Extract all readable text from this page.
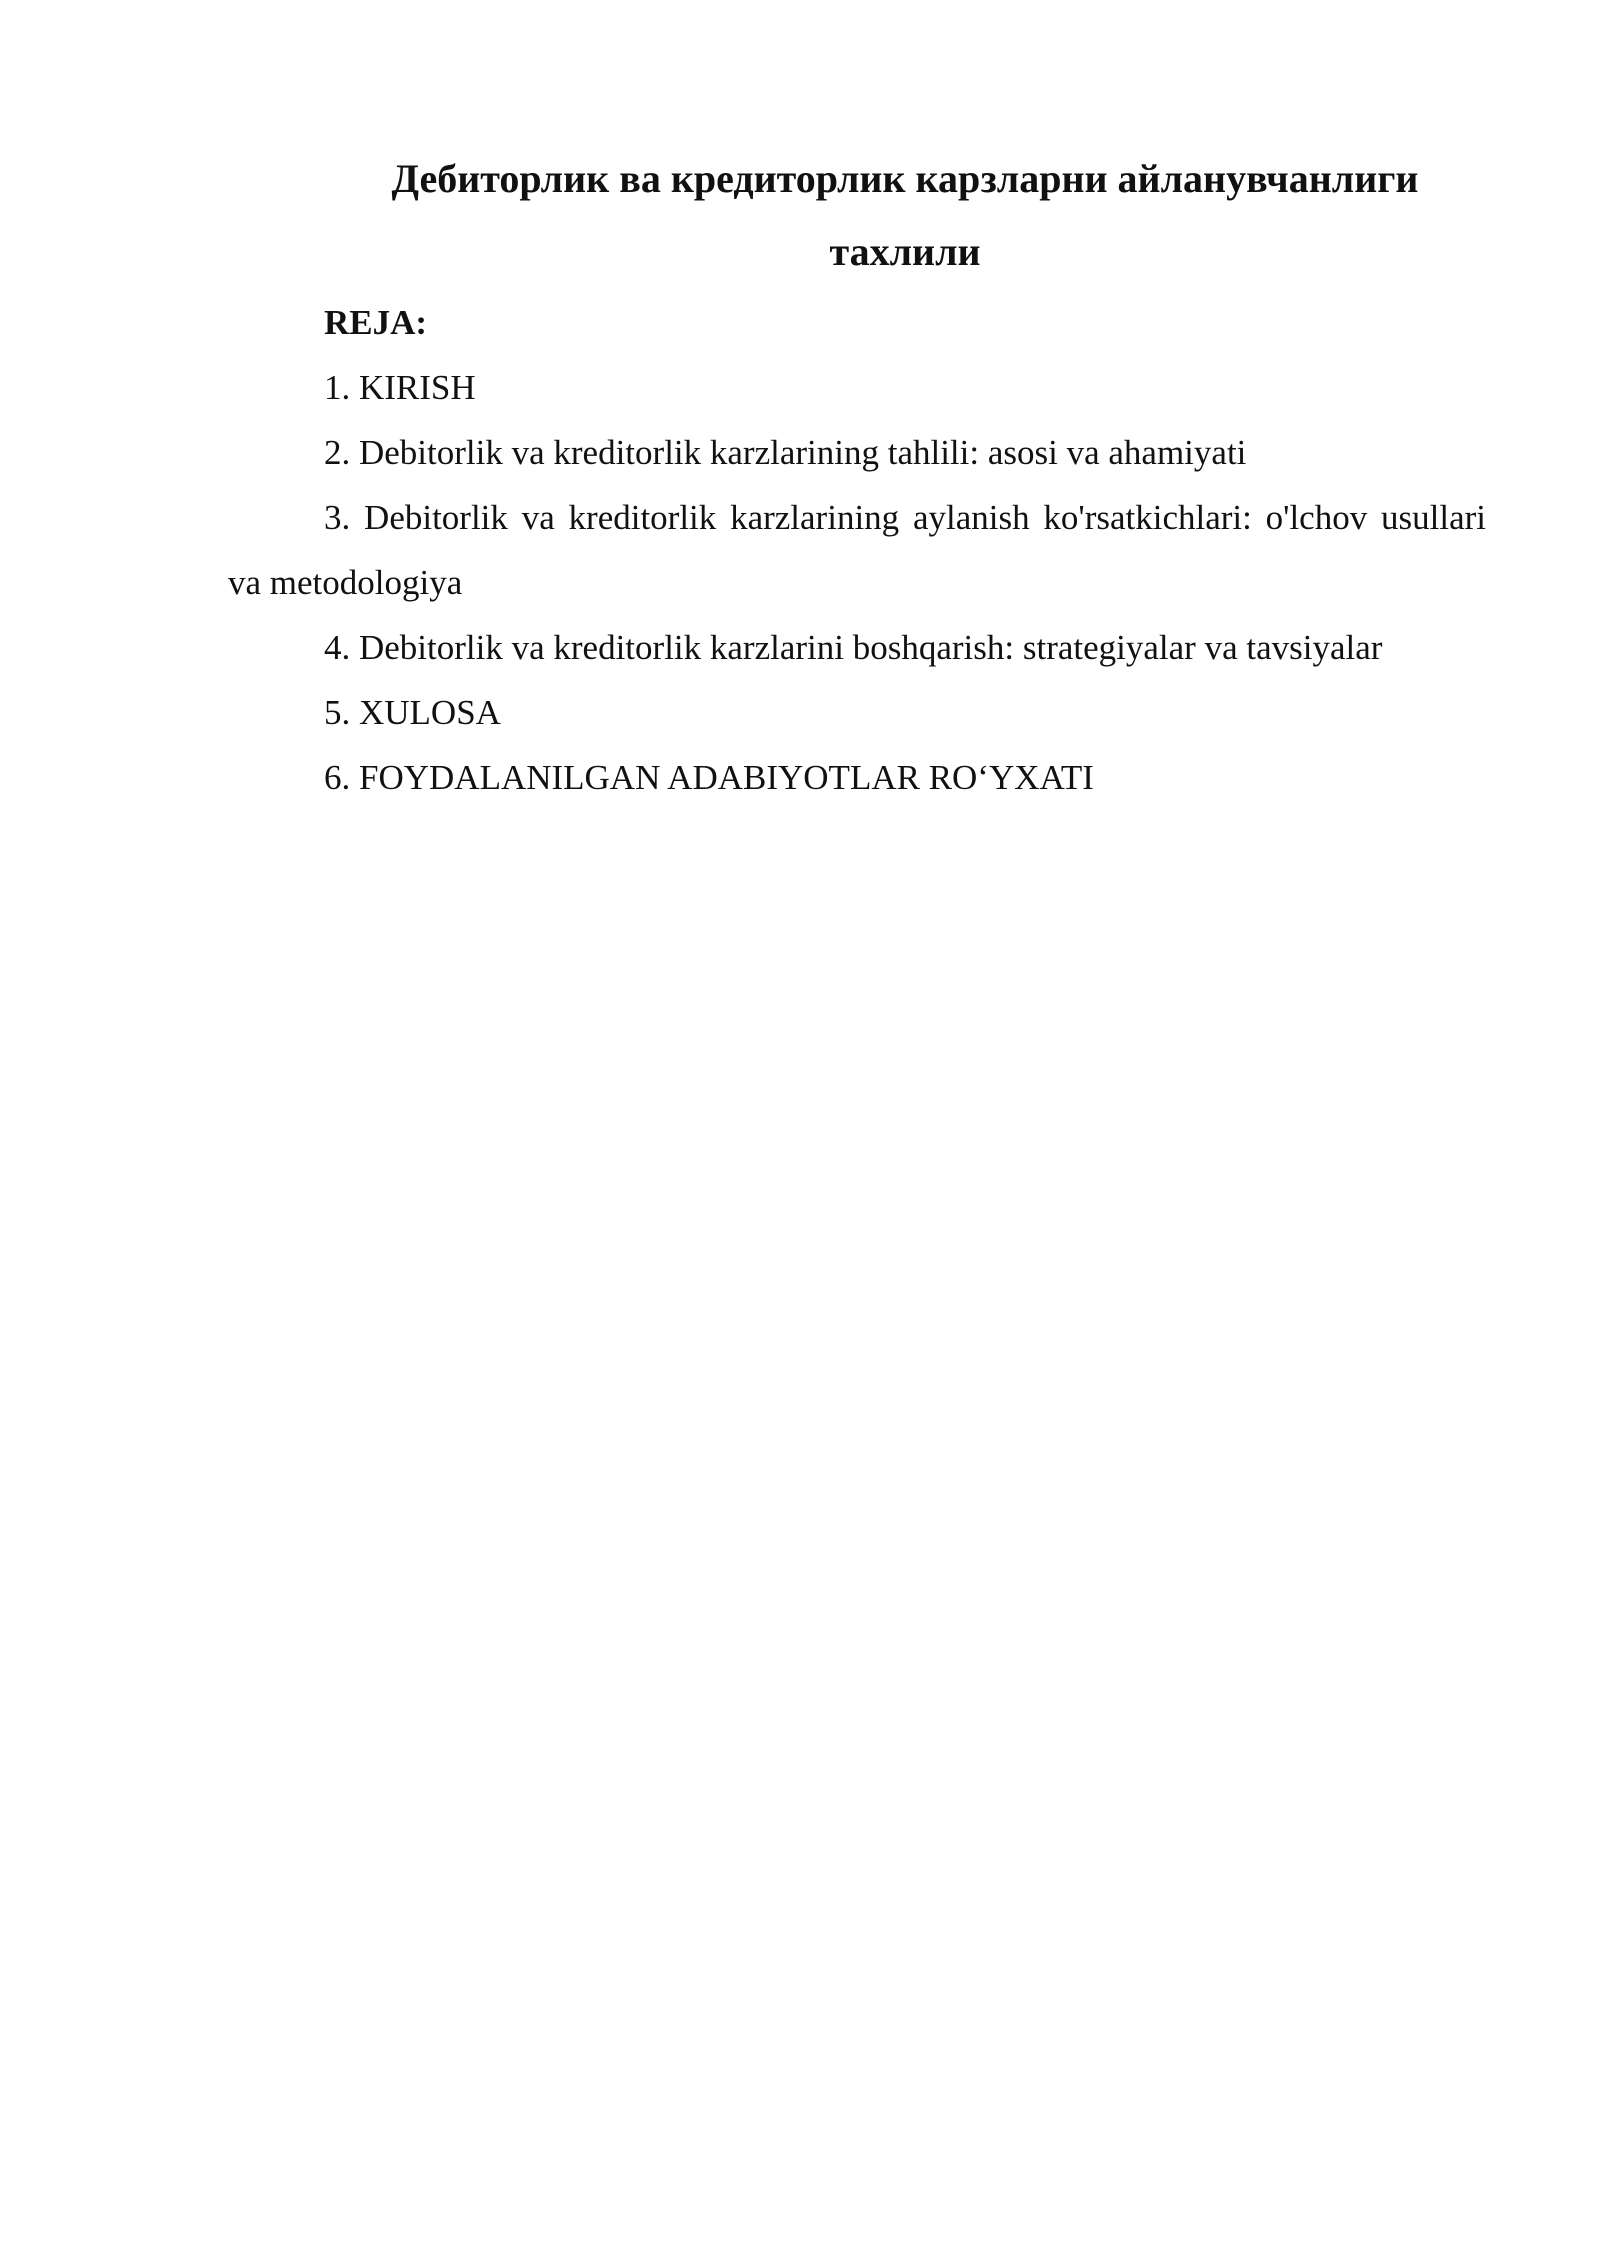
Дебиторлик ва кредиторлик карзларни айланувчанлиги
тахлили

REJA:

1. KIRISH

2. Debitorlik va kreditorlik karzlarining tahlili: asosi va ahamiyati

3. Debitorlik va kreditorlik karzlarining aylanish ko'rsatkichlari: o'lchov usullari va metodologiya

4. Debitorlik va kreditorlik karzlarini boshqarish: strategiyalar va tavsiyalar

5. XULOSA

6. FOYDALANILGAN ADABIYOTLAR RO‘YXATI
